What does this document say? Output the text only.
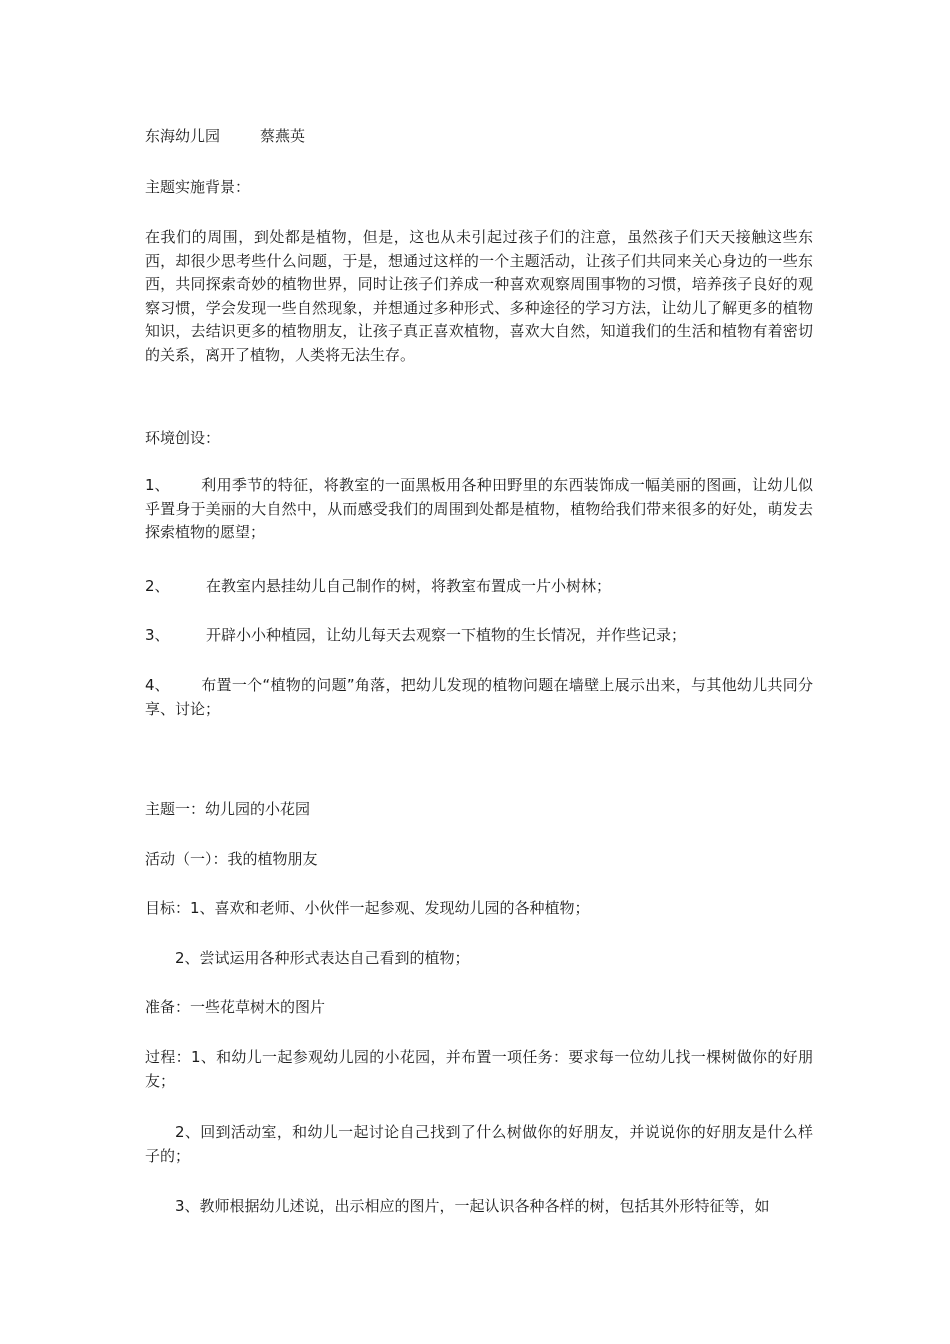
东海幼儿园	蔡燕英

主题实施背景：

在我们的周围，到处都是植物，但是，这也从未引起过孩子们的注意，虽然孩子们天天接触这些东西，却很少思考些什么问题，于是，想通过这样的一个主题活动，让孩子们共同来关心身边的一些东西，共同探索奇妙的植物世界，同时让孩子们养成一种喜欢观察周围事物的习惯，培养孩子良好的观察习惯，学会发现一些自然现象，并想通过多种形式、多种途径的学习方法，让幼儿了解更多的植物知识，去结识更多的植物朋友，让孩子真正喜欢植物，喜欢大自然，知道我们的生活和植物有着密切的关系，离开了植物，人类将无法生存。

环境创设：

1、 利用季节的特征，将教室的一面黑板用各种田野里的东西装饰成一幅美丽的图画，让幼儿似乎置身于美丽的大自然中，从而感受我们的周围到处都是植物，植物给我们带来很多的好处，萌发去探索植物的愿望；

2、 在教室内悬挂幼儿自己制作的树，将教室布置成一片小树林；

3、 开辟小小种植园，让幼儿每天去观察一下植物的生长情况，并作些记录；

4、 布置一个“植物的问题”角落，把幼儿发现的植物问题在墙壁上展示出来，与其他幼儿共同分享、讨论；

主题一：幼儿园的小花园

活动（一）：我的植物朋友

目标：1、喜欢和老师、小伙伴一起参观、发现幼儿园的各种植物；

2、尝试运用各种形式表达自己看到的植物；

准备：一些花草树木的图片

过程：1、和幼儿一起参观幼儿园的小花园，并布置一项任务：要求每一位幼儿找一棵树做你的好朋友；

2、回到活动室，和幼儿一起讨论自己找到了什么树做你的好朋友，并说说你的好朋友是什么样子的；

3、教师根据幼儿述说，出示相应的图片，一起认识各种各样的树，包括其外形特征等，如
